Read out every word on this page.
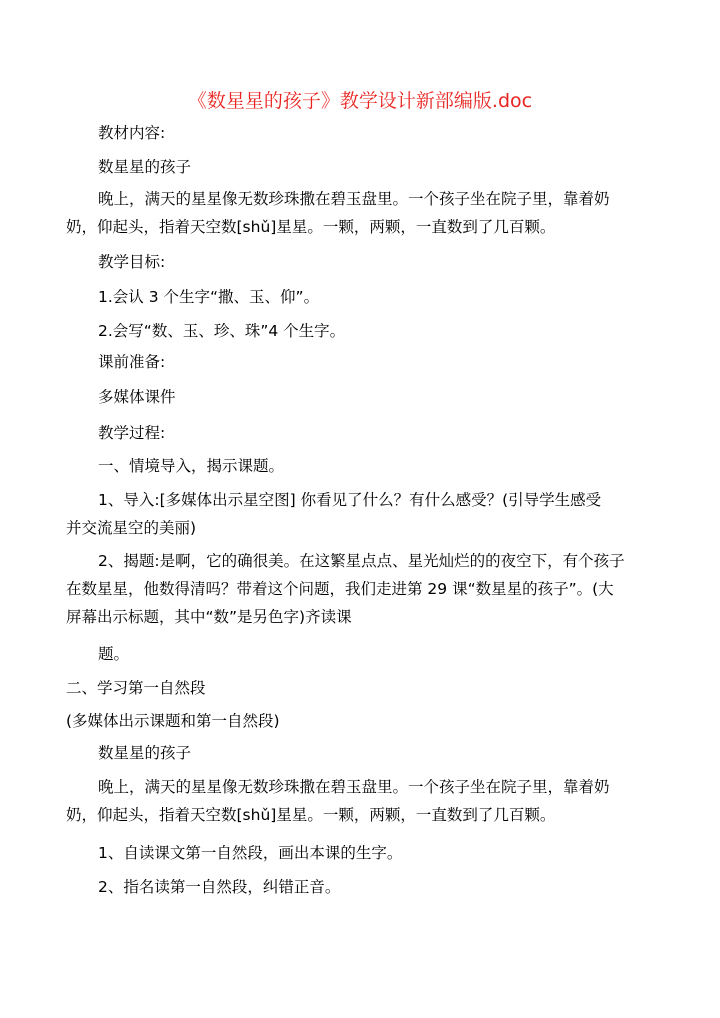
《数星星的孩子》教学设计新部编版.doc
教材内容:
数星星的孩子
晚上，满天的星星像无数珍珠撒在碧玉盘里。一个孩子坐在院子里，靠着奶
奶，仰起头，指着天空数[shǔ]星星。一颗，两颗，一直数到了几百颗。
教学目标:
1.会认 3 个生字“撒、玉、仰”。
2.会写“数、玉、珍、珠”4 个生字。
课前准备:
多媒体课件
教学过程:
一、情境导入，揭示课题。
1、导入:[多媒体出示星空图] 你看见了什么？有什么感受？(引导学生感受
并交流星空的美丽)
2、揭题:是啊，它的确很美。在这繁星点点、星光灿烂的的夜空下，有个孩子
在数星星，他数得清吗？带着这个问题，我们走进第 29 课“数星星的孩子”。(大
屏幕出示标题，其中“数”是另色字)齐读课
题。
二、学习第一自然段
(多媒体出示课题和第一自然段)
数星星的孩子
晚上，满天的星星像无数珍珠撒在碧玉盘里。一个孩子坐在院子里，靠着奶
奶，仰起头，指着天空数[shǔ]星星。一颗，两颗，一直数到了几百颗。
1、自读课文第一自然段，画出本课的生字。
2、指名读第一自然段，纠错正音。
